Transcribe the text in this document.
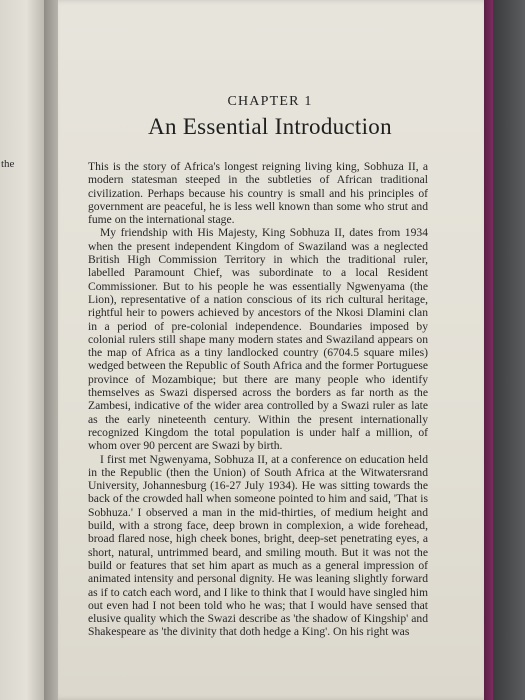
the
CHAPTER 1
An Essential Introduction

This is the story of Africa's longest reigning living king, Sobhuza II, a modern statesman steeped in the subtleties of African traditional civilization. Perhaps because his country is small and his principles of government are peaceful, he is less well known than some who strut and fume on the international stage.

My friendship with His Majesty, King Sobhuza II, dates from 1934 when the present independent Kingdom of Swaziland was a neglected British High Commission Territory in which the traditional ruler, labelled Paramount Chief, was subordinate to a local Resident Commissioner. But to his people he was essentially Ngwenyama (the Lion), representative of a nation conscious of its rich cultural heritage, rightful heir to powers achieved by ancestors of the Nkosi Dlamini clan in a period of pre-colonial independence. Boundaries imposed by colonial rulers still shape many modern states and Swaziland appears on the map of Africa as a tiny landlocked country (6704.5 square miles) wedged between the Republic of South Africa and the former Portuguese province of Mozambique; but there are many people who identify themselves as Swazi dispersed across the borders as far north as the Zambesi, indicative of the wider area controlled by a Swazi ruler as late as the early nineteenth century. Within the present internationally recognized Kingdom the total population is under half a million, of whom over 90 percent are Swazi by birth.

I first met Ngwenyama, Sobhuza II, at a conference on education held in the Republic (then the Union) of South Africa at the Witwatersrand University, Johannesburg (16-27 July 1934). He was sitting towards the back of the crowded hall when someone pointed to him and said, 'That is Sobhuza.' I observed a man in the mid-thirties, of medium height and build, with a strong face, deep brown in complexion, a wide forehead, broad flared nose, high cheek bones, bright, deep-set penetrating eyes, a short, natural, untrimmed beard, and smiling mouth. But it was not the build or features that set him apart as much as a general impression of animated intensity and personal dignity. He was leaning slightly forward as if to catch each word, and I like to think that I would have singled him out even had I not been told who he was; that I would have sensed that elusive quality which the Swazi describe as 'the shadow of Kingship' and Shakespeare as 'the divinity that doth hedge a King'. On his right was
